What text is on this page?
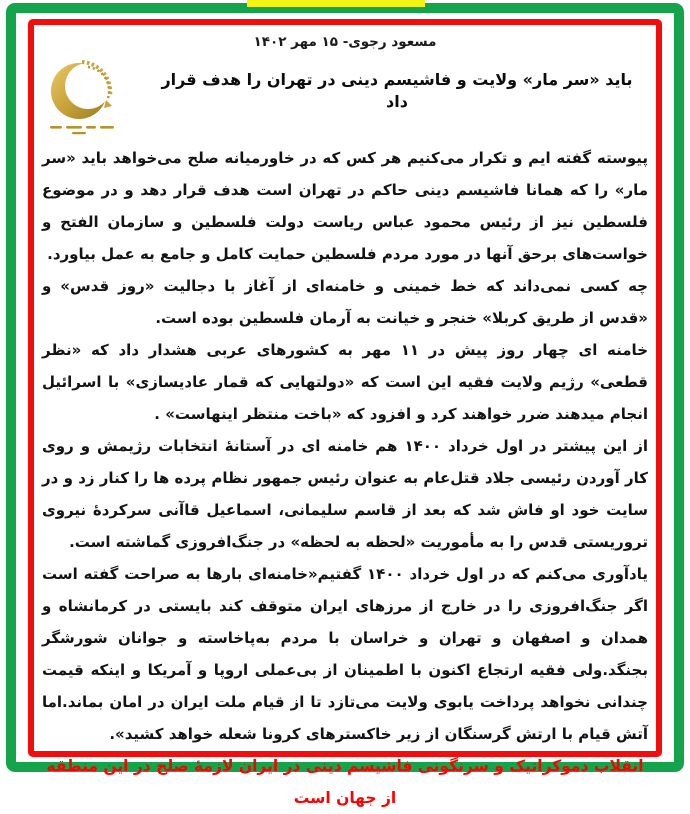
مسعود رجوی- ۱۵ مهر ۱۴۰۲
باید «سر مار» ولایت و فاشیسم دینی در تهران را هدف قرار داد

پیوسته گفته ایم و تکرار می‌کنیم هر کس که در خاورمیانه صلح می‌خواهد باید «سر مار» را که همانا فاشیسم دینی حاکم در تهران است هدف قرار دهد و در موضوع فلسطین نیز از رئیس محمود عباس ریاست دولت فلسطین و سازمان الفتح و خواست‌های برحق آنها در مورد مردم فلسطین حمایت کامل و جامع به عمل بیاورد.

چه کسی نمی‌داند که خط خمینی و خامنه‌ای از آغاز با دجالیت «روز قدس» و «قدس از طریق کربلا» خنجر و خیانت به آرمان فلسطین بوده است.

خامنه ای چهار روز پیش در ۱۱ مهر به کشورهای عربی هشدار داد که «نظر قطعی» رژیم ولایت فقیه این است که «دولتهایی که قمار عادیسازی» با اسرائیل انجام میدهند ضرر خواهند کرد و افزود که «باخت منتظر اینهاست» .

از این پیشتر در اول خرداد ۱۴۰۰ هم خامنه ای در آستانهٔ انتخابات رژیمش و روی کار آوردن رئیسی جلاد قتل‌عام به عنوان رئیس جمهور نظام پرده ها را کنار زد و در سایت خود او فاش شد که بعد از قاسم سلیمانی، اسماعیل قاآنی سرکردهٔ نیروی تروریستی قدس را به مأموریت «لحظه به لحظه» در جنگ‌افروزی گماشته است.

یادآوری می‌کنم که در اول خرداد ۱۴۰۰ گفتیم«خامنه‌ای بارها به صراحت گفته است اگر جنگ‌افروزی را در خارج از مرزهای ایران متوقف کند بایستی در کرمانشاه و همدان و اصفهان و تهران و خراسان با مردم به‌پاخاسته و جوانان شورشگر بجنگد.ولی فقیه ارتجاع اکنون با اطمینان از بی‌عملی اروپا و آمریکا و اینکه قیمت چندانی نخواهد پرداخت یابوی ولایت می‌تازد تا از قیام ملت ایران در امان بماند.اما آتش قیام با ارتش گرسنگان از زیر خاکسترهای کرونا شعله خواهد کشید».

انقلاب دموکراتیک و سرنگونی فاشیسم دینی در ایران لازمهٔ صلح در این منطقه از جهان است
